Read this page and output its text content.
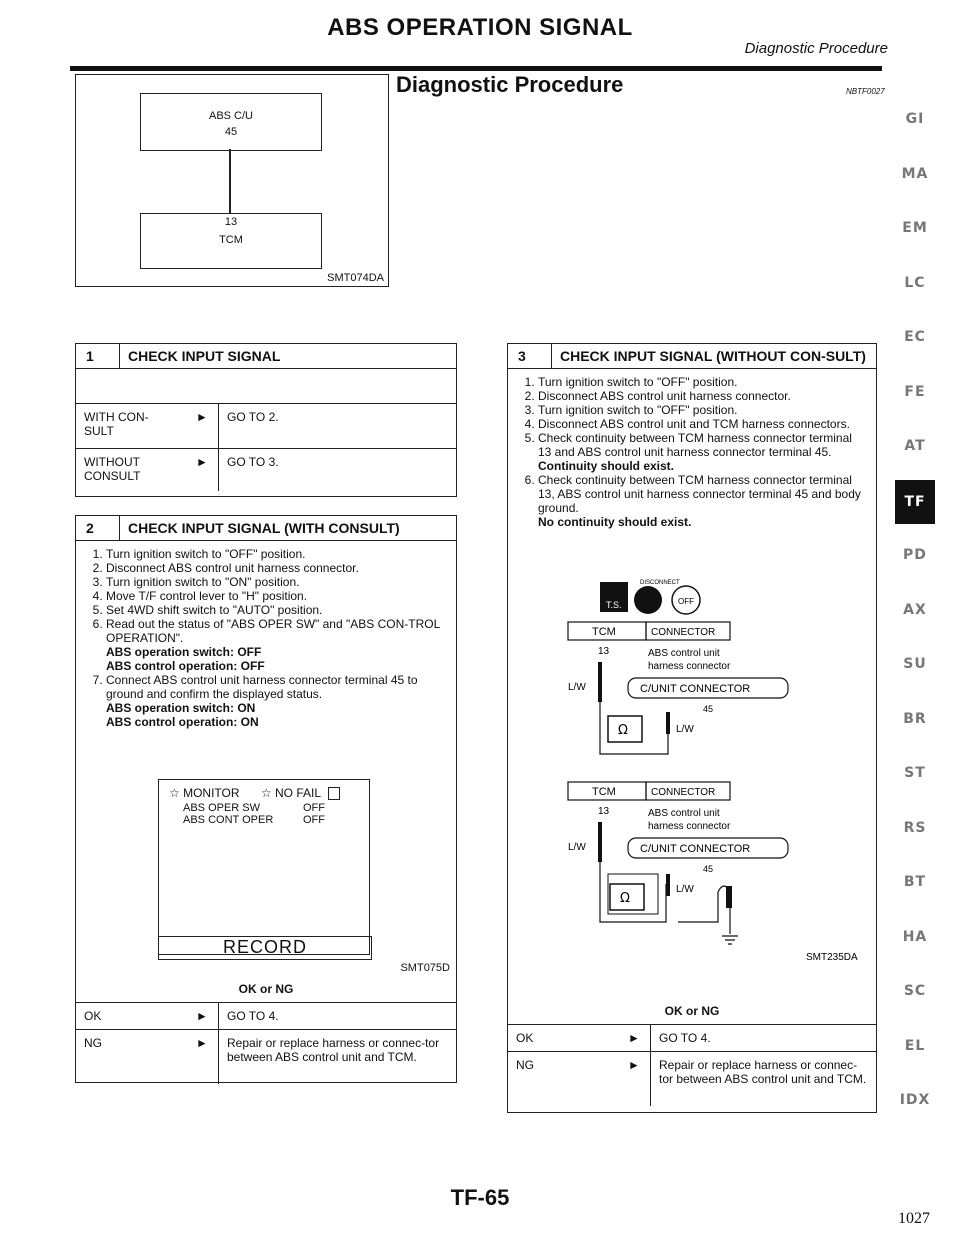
ABS OPERATION SIGNAL
Diagnostic Procedure
Diagnostic Procedure	NBTF0027
ABS C/U
45
13
TCM
SMT074DA
1	CHECK INPUT SIGNAL
WITH CON-
SULT
►	GO TO 2.
WITHOUT
CONSULT
►	GO TO 3.
2	CHECK INPUT SIGNAL (WITH CONSULT)
1. Turn ignition switch to "OFF" position.
2. Disconnect ABS control unit harness connector.
3. Turn ignition switch to "ON" position.
4. Move T/F control lever to "H" position.
5. Set 4WD shift switch to "AUTO" position.
6. Read out the status of "ABS OPER SW" and "ABS CON-TROL OPERATION".
ABS operation switch: OFF
ABS control operation: OFF
7. Connect ABS control unit harness connector terminal 45 to ground and confirm the displayed status.
ABS operation switch: ON
ABS control operation: ON
☆ MONITOR ☆ NO FAIL
ABS OPER SW	OFF
ABS CONT OPER	OFF
RECORD
SMT075D
OK or NG
OK	►	GO TO 4.
NG	►	Repair or replace harness or connec-tor between ABS control unit and TCM.
3	CHECK INPUT SIGNAL (WITHOUT CON-SULT)
1. Turn ignition switch to "OFF" position.
2. Disconnect ABS control unit harness connector.
3. Turn ignition switch to "OFF" position.
4. Disconnect ABS control unit and TCM harness connectors.
5. Check continuity between TCM harness connector terminal 13 and ABS control unit harness connector terminal 45.
Continuity should exist.
6. Check continuity between TCM harness connector terminal 13, ABS control unit harness connector terminal 45 and body ground.
No continuity should exist.
T.S.
DISCONNECT
OFF
TCM	CONNECTOR
13	ABS control unit
harness connector
L/W	C/UNIT CONNECTOR
45
Ω	L/W
TCM	CONNECTOR
13	ABS control unit
harness connector
L/W	C/UNIT CONNECTOR
45
Ω
L/W
SMT235DA
OK or NG
OK	►	GO TO 4.
NG	►	Repair or replace harness or connec-tor between ABS control unit and TCM.
GI
MA
EM
LC
EC
FE
AT
TF
PD
AX
SU
BR
ST
RS
BT
HA
SC
EL
IDX
TF-65
1027
